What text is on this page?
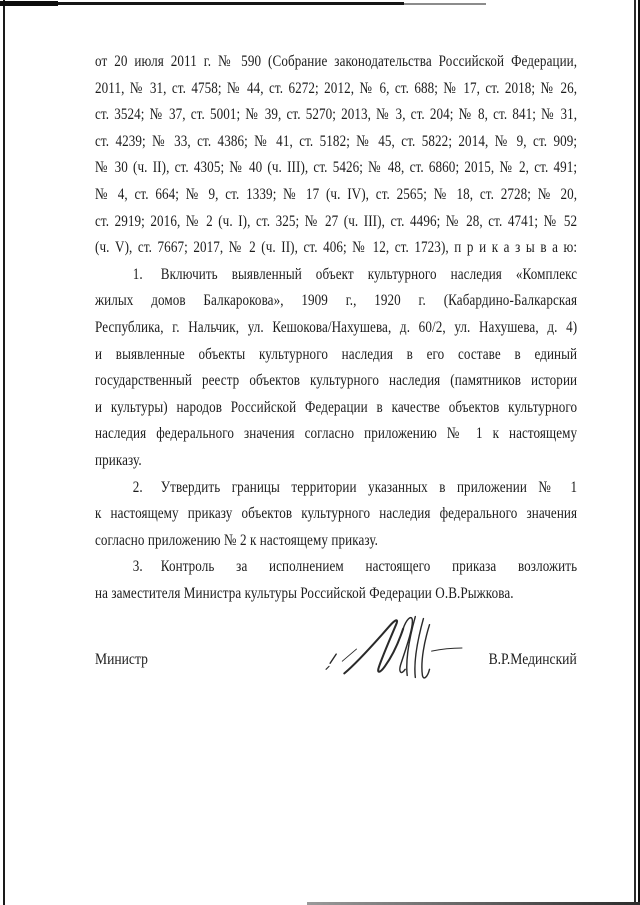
от 20 июля 2011 г. № 590 (Собрание законодательства Российской Федерации,
2011, № 31, ст. 4758; № 44, ст. 6272; 2012, № 6, ст. 688; № 17, ст. 2018; № 26,
ст. 3524; № 37, ст. 5001; № 39, ст. 5270; 2013, № 3, ст. 204; № 8, ст. 841; № 31,
ст. 4239; № 33, ст. 4386; № 41, ст. 5182; № 45, ст. 5822; 2014, № 9, ст. 909;
№ 30 (ч. II), ст. 4305; № 40 (ч. III), ст. 5426; № 48, ст. 6860; 2015, № 2, ст. 491;
№ 4, ст. 664; № 9, ст. 1339; № 17 (ч. IV), ст. 2565; № 18, ст. 2728; № 20,
ст. 2919; 2016, № 2 (ч. I), ст. 325; № 27 (ч. III), ст. 4496; № 28, ст. 4741; № 52
(ч. V), ст. 7667; 2017, № 2 (ч. II), ст. 406; № 12, ст. 1723), п р и к а з ы в а ю:
1. Включить выявленный объект культурного наследия «Комплекс
жилых домов Балкарокова», 1909 г., 1920 г. (Кабардино-Балкарская
Республика, г. Нальчик, ул. Кешокова/Нахушева, д. 60/2, ул. Нахушева, д. 4)
и выявленные объекты культурного наследия в его составе в единый
государственный реестр объектов культурного наследия (памятников истории
и культуры) народов Российской Федерации в качестве объектов культурного
наследия федерального значения согласно приложению № 1 к настоящему
приказу.
2. Утвердить границы территории указанных в приложении № 1
к настоящему приказу объектов культурного наследия федерального значения
согласно приложению № 2 к настоящему приказу.
3. Контроль за исполнением настоящего приказа возложить
на заместителя Министра культуры Российской Федерации О.В.Рыжкова.
Министр	В.Р.Мединский
